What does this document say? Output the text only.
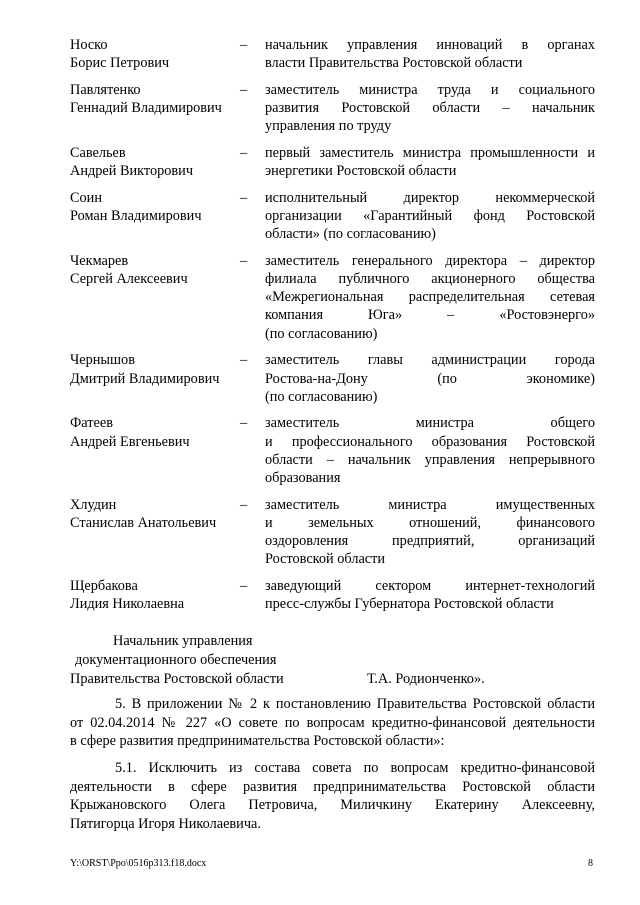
Носко
Борис Петрович
– начальник управления инноваций в органах
власти Правительства Ростовской области
Павлятенко
Геннадий Владимирович
– заместитель министра труда и социального
развития Ростовской области – начальник
управления по труду
Савельев
Андрей Викторович
– первый заместитель министра промышленности и
энергетики Ростовской области
Соин
Роман Владимирович
– исполнительный директор некоммерческой
организации «Гарантийный фонд Ростовской
области» (по согласованию)
Чекмарев
Сергей Алексеевич
– заместитель генерального директора – директор
филиала публичного акционерного общества
«Межрегиональная распределительная сетевая
компания Юга» – «Ростовэнерго»
(по согласованию)
Чернышов
Дмитрий Владимирович
– заместитель главы администрации города
Ростова-на-Дону (по экономике)
(по согласованию)
Фатеев
Андрей Евгеньевич
– заместитель министра общего
и профессионального образования Ростовской
области – начальник управления непрерывного
образования
Хлудин
Станислав Анатольевич
– заместитель министра имущественных
и земельных отношений, финансового
оздоровления предприятий, организаций
Ростовской области
Щербакова
Лидия Николаевна
– заведующий сектором интернет-технологий
пресс-службы Губернатора Ростовской области
Начальник управления
документационного обеспечения
Правительства Ростовской области	Т.А. Родионченко».
5. В приложении № 2 к постановлению Правительства Ростовской области
от 02.04.2014 № 227 «О совете по вопросам кредитно-финансовой деятельности
в сфере развития предпринимательства Ростовской области»:
5.1. Исключить из состава совета по вопросам кредитно-финансовой
деятельности в сфере развития предпринимательства Ростовской области
Крыжановского Олега Петровича, Миличкину Екатерину Алексеевну,
Пятигорца Игоря Николаевича.
Y:\ORST\Ppo\0516p313.f18.docx	8
